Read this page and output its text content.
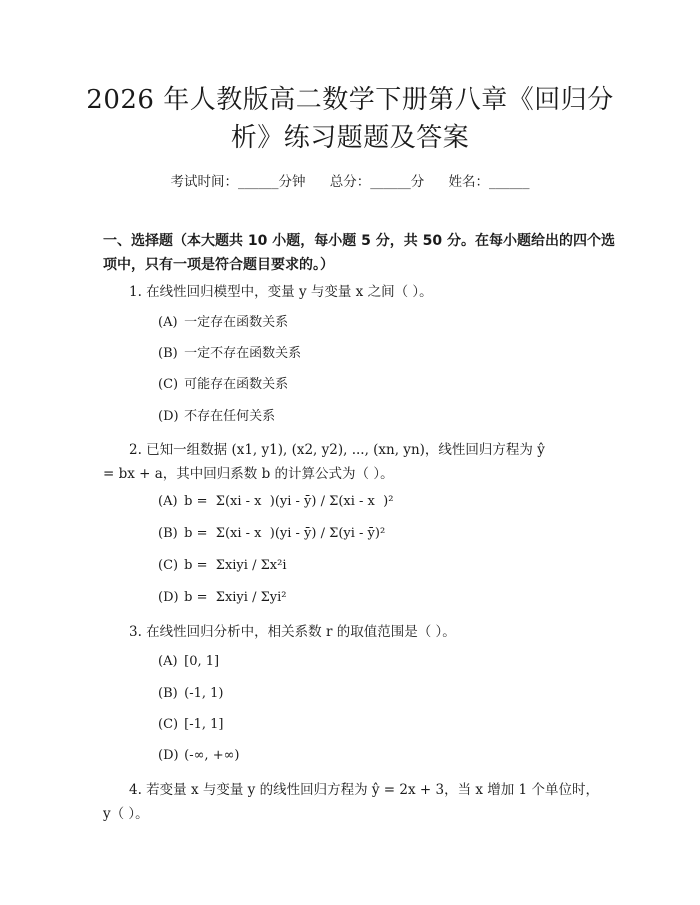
2026 年人教版高二数学下册第八章《回归分
析》练习题题及答案
考试时间：______分钟 总分：______分 姓名：______
一、选择题（本大题共 10 小题，每小题 5 分，共 50 分。在每小题给出的四个选
项中，只有一项是符合题目要求的。）
1. 在线性回归模型中，变量 y 与变量 x 之间（ ）。
(A) 一定存在函数关系
(B) 一定不存在函数关系
(C) 可能存在函数关系
(D) 不存在任何关系
2. 已知一组数据 (x1, y1), (x2, y2), ..., (xn, yn)，线性回归方程为 ŷ
= bx + a，其中回归系数 b 的计算公式为（ ）。
(A) b =  Σ(xi - x  )(yi - ȳ) / Σ(xi - x  )²
(B) b =  Σ(xi - x  )(yi - ȳ) / Σ(yi - ȳ)²
(C) b =  Σxiyi / Σx²i
(D) b =  Σxiyi / Σyi²
3. 在线性回归分析中，相关系数 r 的取值范围是（ ）。
(A) [0, 1]
(B) (-1, 1)
(C) [-1, 1]
(D) (-∞, +∞)
4. 若变量 x 与变量 y 的线性回归方程为 ŷ = 2x + 3，当 x 增加 1 个单位时，
y（ ）。
